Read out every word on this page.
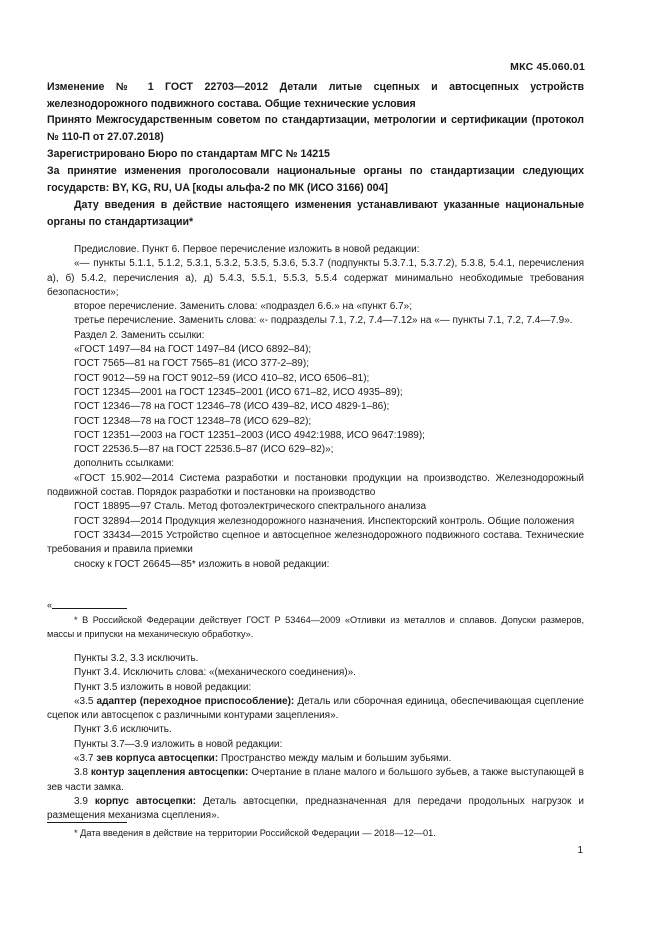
МКС 45.060.01
Изменение № 1 ГОСТ 22703—2012 Детали литые сцепных и автосцепных устройств железнодорожного подвижного состава. Общие технические условия
Принято Межгосударственным советом по стандартизации, метрологии и сертификации (протокол № 110-П от 27.07.2018)
Зарегистрировано Бюро по стандартам МГС № 14215
За принятие изменения проголосовали национальные органы по стандартизации следующих государств: BY, KG, RU, UA [коды альфа-2 по МК (ИСО 3166) 004]
Дату введения в действие настоящего изменения устанавливают указанные национальные органы по стандартизации*

Предисловие. Пункт 6. Первое перечисление изложить в новой редакции:

«— пункты 5.1.1, 5.1.2, 5.3.1, 5.3.2, 5.3.5, 5.3.6, 5.3.7 (подпункты 5.3.7.1, 5.3.7.2), 5.3.8, 5.4.1, перечисления а), б) 5.4.2, перечисления а), д) 5.4.3, 5.5.1, 5.5.3, 5.5.4 содержат минимально необходимые требования безопасности»;

второе перечисление. Заменить слова: «подраздел 6.6.» на «пункт 6.7»;

третье перечисление. Заменить слова: «- подразделы 7.1, 7.2, 7.4—7.12» на «— пункты 7.1, 7.2, 7.4—7.9».

Раздел 2. Заменить ссылки:

«ГОСТ 1497—84 на ГОСТ 1497–84 (ИСО 6892–84);

ГОСТ 7565—81 на ГОСТ 7565–81 (ИСО 377-2–89);

ГОСТ 9012—59 на ГОСТ 9012–59 (ИСО 410–82, ИСО 6506–81);

ГОСТ 12345—2001 на ГОСТ 12345–2001 (ИСО 671–82, ИСО 4935–89);

ГОСТ 12346—78 на ГОСТ 12346–78 (ИСО 439–82, ИСО 4829-1–86);

ГОСТ 12348—78 на ГОСТ 12348–78 (ИСО 629–82);

ГОСТ 12351—2003 на ГОСТ 12351–2003 (ИСО 4942:1988, ИСО 9647:1989);

ГОСТ 22536.5—87 на ГОСТ 22536.5–87 (ИСО 629–82)»;

дополнить ссылками:

«ГОСТ 15.902—2014 Система разработки и постановки продукции на производство. Железнодорожный подвижной состав. Порядок разработки и постановки на производство

ГОСТ 18895—97 Сталь. Метод фотоэлектрического спектрального анализа

ГОСТ 32894—2014 Продукция железнодорожного назначения. Инспекторский контроль. Общие положения

ГОСТ 33434—2015 Устройство сцепное и автосцепное железнодорожного подвижного состава. Технические требования и правила приемки

сноску к ГОСТ 26645—85* изложить в новой редакции:

«
* В Российской Федерации действует ГОСТ Р 53464—2009 «Отливки из металлов и сплавов. Допуски размеров, массы и припуски на механическую обработку».

Пункты 3.2, 3.3 исключить.

Пункт 3.4. Исключить слова: «(механического соединения)».

Пункт 3.5 изложить в новой редакции:

«3.5 адаптер (переходное приспособление): Деталь или сборочная единица, обеспечивающая сцепление сцепок или автосцепок с различными контурами зацепления».

Пункт 3.6 исключить.

Пункты 3.7—3.9 изложить в новой редакции:

«3.7 зев корпуса автосцепки: Пространство между малым и большим зубьями.

3.8 контур зацепления автосцепки: Очертание в плане малого и большого зубьев, а также выступающей в зев части замка.

3.9 корпус автосцепки: Деталь автосцепки, предназначенная для передачи продольных нагрузок и размещения механизма сцепления».

* Дата введения в действие на территории Российской Федерации — 2018—12—01.
1
